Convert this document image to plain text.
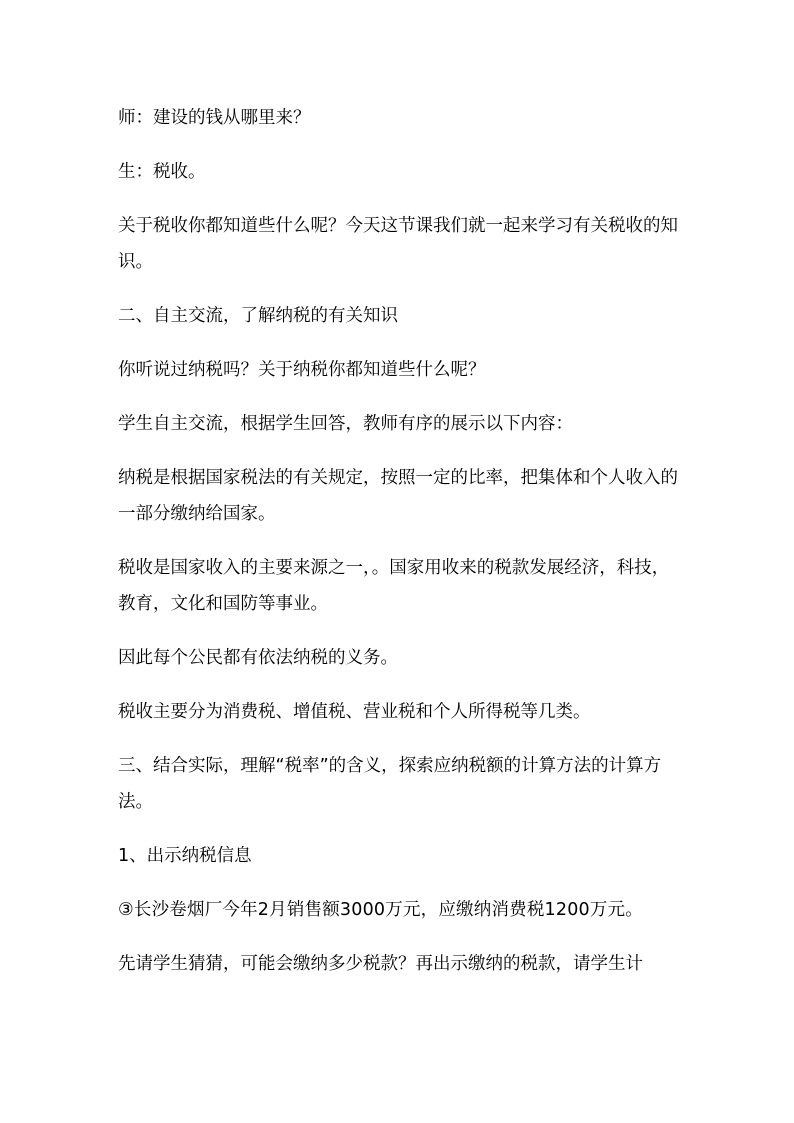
师：建设的钱从哪里来？

生：税收。

关于税收你都知道些什么呢？今天这节课我们就一起来学习有关税收的知识。

二、自主交流，了解纳税的有关知识

你听说过纳税吗？关于纳税你都知道些什么呢？

学生自主交流，根据学生回答，教师有序的展示以下内容：

纳税是根据国家税法的有关规定，按照一定的比率，把集体和个人收入的一部分缴纳给国家。

税收是国家收入的主要来源之一，。国家用收来的税款发展经济，科技，教育，文化和国防等事业。

因此每个公民都有依法纳税的义务。

税收主要分为消费税、增值税、营业税和个人所得税等几类。

三、结合实际，理解“税率”的含义，探索应纳税额的计算方法的计算方法。

1、出示纳税信息

③长沙卷烟厂今年2月销售额3000万元，应缴纳消费税1200万元。

先请学生猜猜，可能会缴纳多少税款？再出示缴纳的税款，请学生计
